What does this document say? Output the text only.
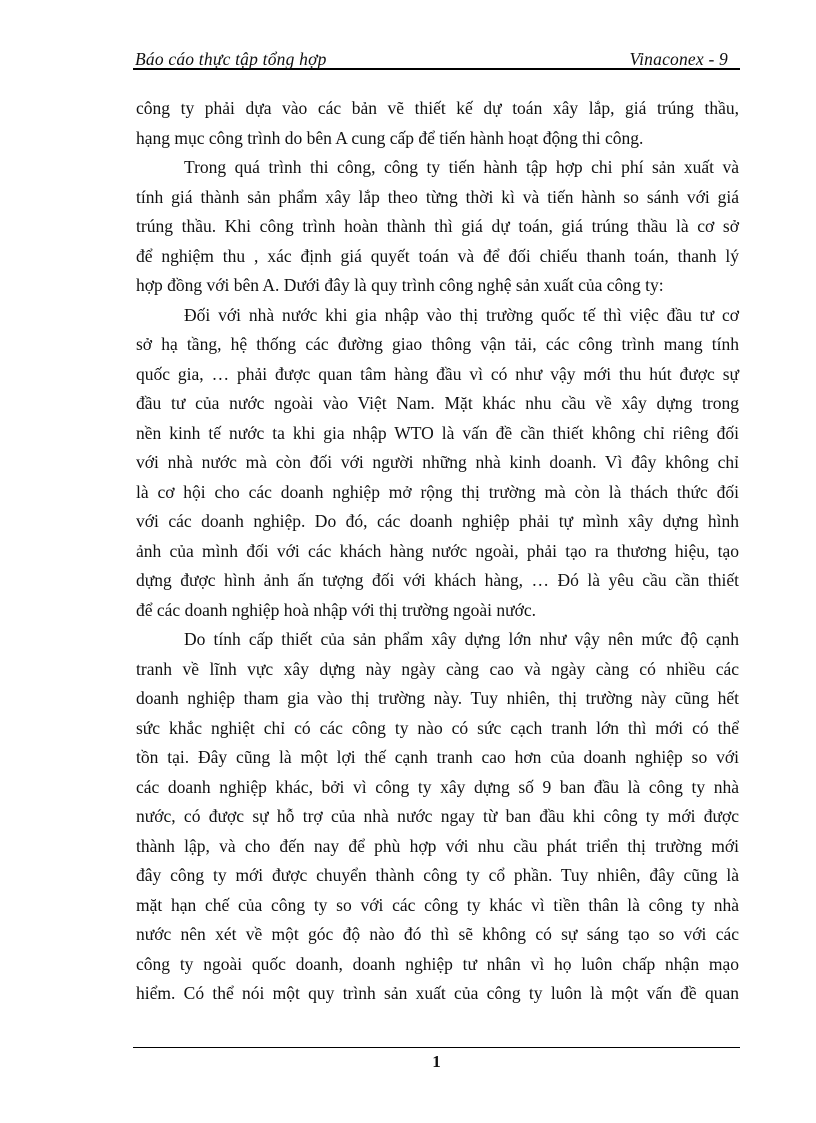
Báo cáo thực tập tổng hợp	Vinaconex - 9

công ty phải dựa vào các bản vẽ thiết kế dự toán xây lắp, giá trúng thầu,
hạng mục công trình do bên A cung cấp để tiến hành hoạt động thi công.

Trong quá trình thi công, công ty tiến hành tập hợp chi phí sản xuất và
tính giá thành sản phẩm xây lắp theo từng thời kì và tiến hành so sánh với giá
trúng thầu. Khi công trình hoàn thành thì giá dự toán, giá trúng thầu là cơ sở
để nghiệm thu , xác định giá quyết toán và để đối chiếu thanh toán, thanh lý
hợp đồng với bên A. Dưới đây là quy trình công nghệ sản xuất của công ty:

Đối với nhà nước khi gia nhập vào thị trường quốc tế thì việc đầu tư cơ
sở hạ tầng, hệ thống các đường giao thông vận tải, các công trình mang tính
quốc gia, … phải được quan tâm hàng đầu vì có như vậy mới thu hút được sự
đầu tư của nước ngoài vào Việt Nam. Mặt khác nhu cầu về xây dựng trong
nền kinh tế nước ta khi gia nhập WTO là vấn đề cần thiết không chỉ riêng đối
với nhà nước mà còn đối với người những nhà kinh doanh. Vì đây không chỉ
là cơ hội cho các doanh nghiệp mở rộng thị trường mà còn là thách thức đối
với các doanh nghiệp. Do đó, các doanh nghiệp phải tự mình xây dựng hình
ảnh của mình đối với các khách hàng nước ngoài, phải tạo ra thương hiệu, tạo
dựng được hình ảnh ấn tượng đối với khách hàng, … Đó là yêu cầu cần thiết
để các doanh nghiệp hoà nhập với thị trường ngoài nước.

Do tính cấp thiết của sản phẩm xây dựng lớn như vậy nên mức độ cạnh
tranh về lĩnh vực xây dựng này ngày càng cao và ngày càng có nhiều các
doanh nghiệp tham gia vào thị trường này. Tuy nhiên, thị trường này cũng hết
sức khắc nghiệt chỉ có các công ty nào có sức cạch tranh lớn thì mới có thể
tồn tại. Đây cũng là một lợi thế cạnh tranh cao hơn của doanh nghiệp so với
các doanh nghiệp khác, bởi vì công ty xây dựng số 9 ban đầu là công ty nhà
nước, có được sự hỗ trợ của nhà nước ngay từ ban đầu khi công ty mới được
thành lập, và cho đến nay để phù hợp với nhu cầu phát triển thị trường mới
đây công ty mới được chuyển thành công ty cổ phần. Tuy nhiên, đây cũng là
mặt hạn chế của công ty so với các công ty khác vì tiền thân là công ty nhà
nước nên xét về một góc độ nào đó thì sẽ không có sự sáng tạo so với các
công ty ngoài quốc doanh, doanh nghiệp tư nhân vì họ luôn chấp nhận mạo
hiểm. Có thể nói một quy trình sản xuất của công ty luôn là một vấn đề quan

1
